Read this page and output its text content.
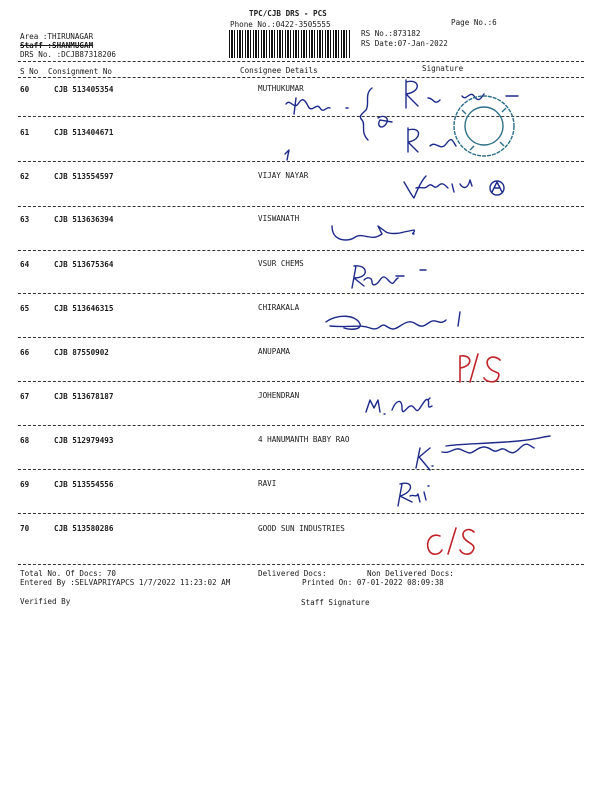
TPC/CJB DRS - PCS
Phone No.:0422-3505555	Page No.:6
Area :THIRUNAGAR
Staff :SHANMUGAM
DRS No. :DCJB87318206
RS No.:873182
RS Date:07-Jan-2022
S No Consignment No	Consignee Details	Signature
60	CJB 513405354	MUTHUKUMAR
61	CJB 513404671
62	CJB 513554597	VIJAY NAYAR
63	CJB 513636394	VISWANATH
64	CJB 513675364	VSUR CHEMS
65	CJB 513646315	CHIRAKALA
66	CJB 87550902	ANUPAMA
67	CJB 513678187	JOHENDRAN
68	CJB 512979493	4 HANUMANTH BABY RAO
69	CJB 513554556	RAVI
70	CJB 513580286	GOOD SUN INDUSTRIES
Total No. Of Docs: 70	Delivered Docs:	Non Delivered Docs:
Entered By :SELVAPRIYAPCS 1/7/2022 11:23:02 AM	Printed On: 07-01-2022 08:09:38
Verified By	Staff Signature
